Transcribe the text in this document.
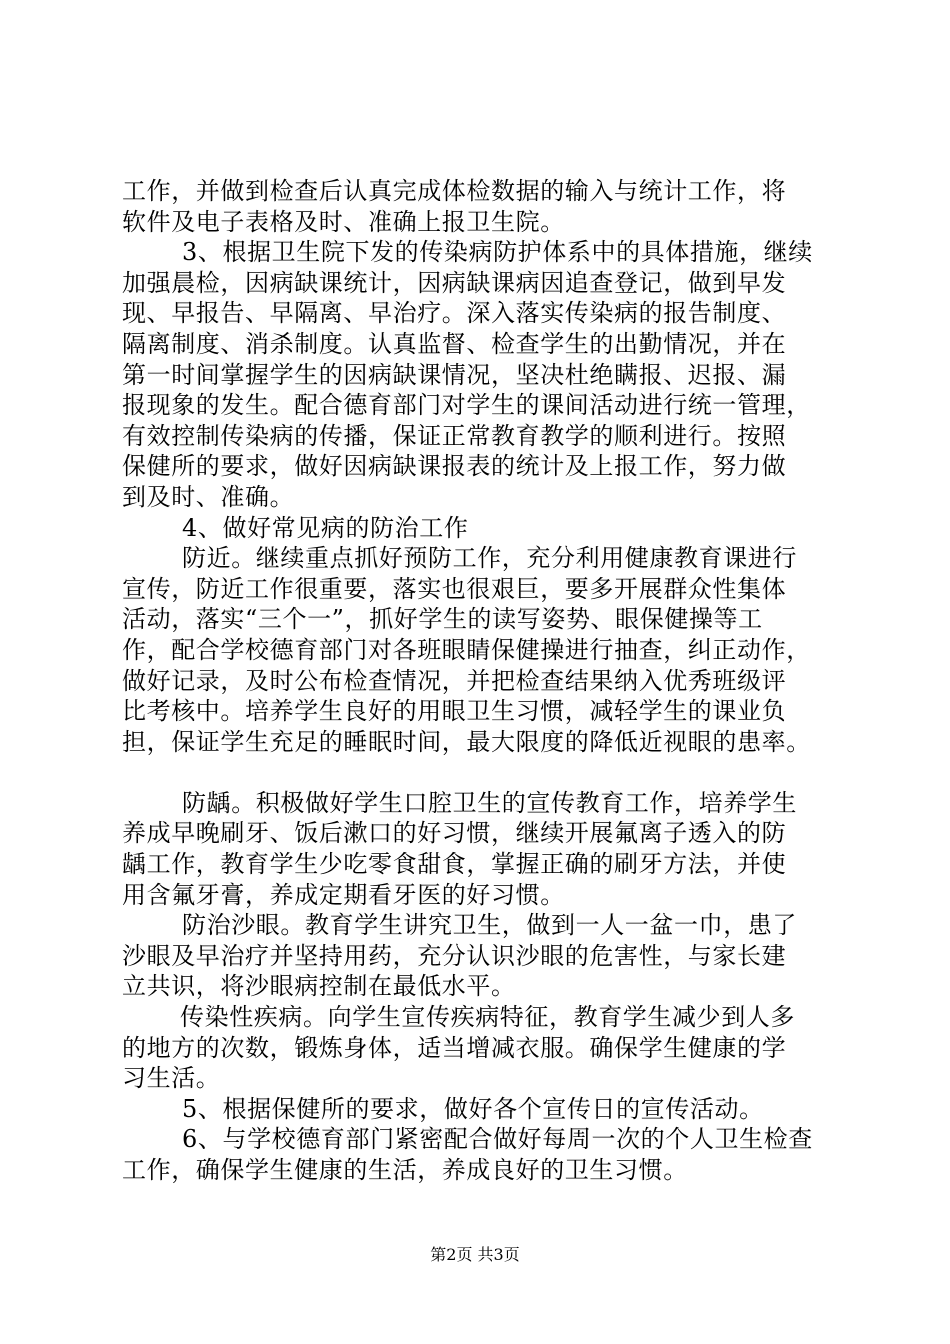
工作，并做到检查后认真完成体检数据的输入与统计工作，将
软件及电子表格及时、准确上报卫生院。
3、根据卫生院下发的传染病防护体系中的具体措施，继续
加强晨检，因病缺课统计，因病缺课病因追查登记，做到早发
现、早报告、早隔离、早治疗。深入落实传染病的报告制度、
隔离制度、消杀制度。认真监督、检查学生的出勤情况，并在
第一时间掌握学生的因病缺课情况，坚决杜绝瞒报、迟报、漏
报现象的发生。配合德育部门对学生的课间活动进行统一管理，
有效控制传染病的传播，保证正常教育教学的顺利进行。按照
保健所的要求，做好因病缺课报表的统计及上报工作，努力做
到及时、准确。
4、做好常见病的防治工作
防近。继续重点抓好预防工作，充分利用健康教育课进行
宣传，防近工作很重要，落实也很艰巨，要多开展群众性集体
活动，落实“三个一”，抓好学生的读写姿势、眼保健操等工
作，配合学校德育部门对各班眼睛保健操进行抽查，纠正动作，
做好记录，及时公布检查情况，并把检查结果纳入优秀班级评
比考核中。培养学生良好的用眼卫生习惯，减轻学生的课业负
担，保证学生充足的睡眠时间，最大限度的降低近视眼的患率。
防龋。积极做好学生口腔卫生的宣传教育工作，培养学生
养成早晚刷牙、饭后漱口的好习惯，继续开展氟离子透入的防
龋工作，教育学生少吃零食甜食，掌握正确的刷牙方法，并使
用含氟牙膏，养成定期看牙医的好习惯。
防治沙眼。教育学生讲究卫生，做到一人一盆一巾，患了
沙眼及早治疗并坚持用药，充分认识沙眼的危害性，与家长建
立共识，将沙眼病控制在最低水平。
传染性疾病。向学生宣传疾病特征，教育学生减少到人多
的地方的次数，锻炼身体，适当增减衣服。确保学生健康的学
习生活。
5、根据保健所的要求，做好各个宣传日的宣传活动。
6、与学校德育部门紧密配合做好每周一次的个人卫生检查
工作，确保学生健康的生活，养成良好的卫生习惯。
第2页 共3页
